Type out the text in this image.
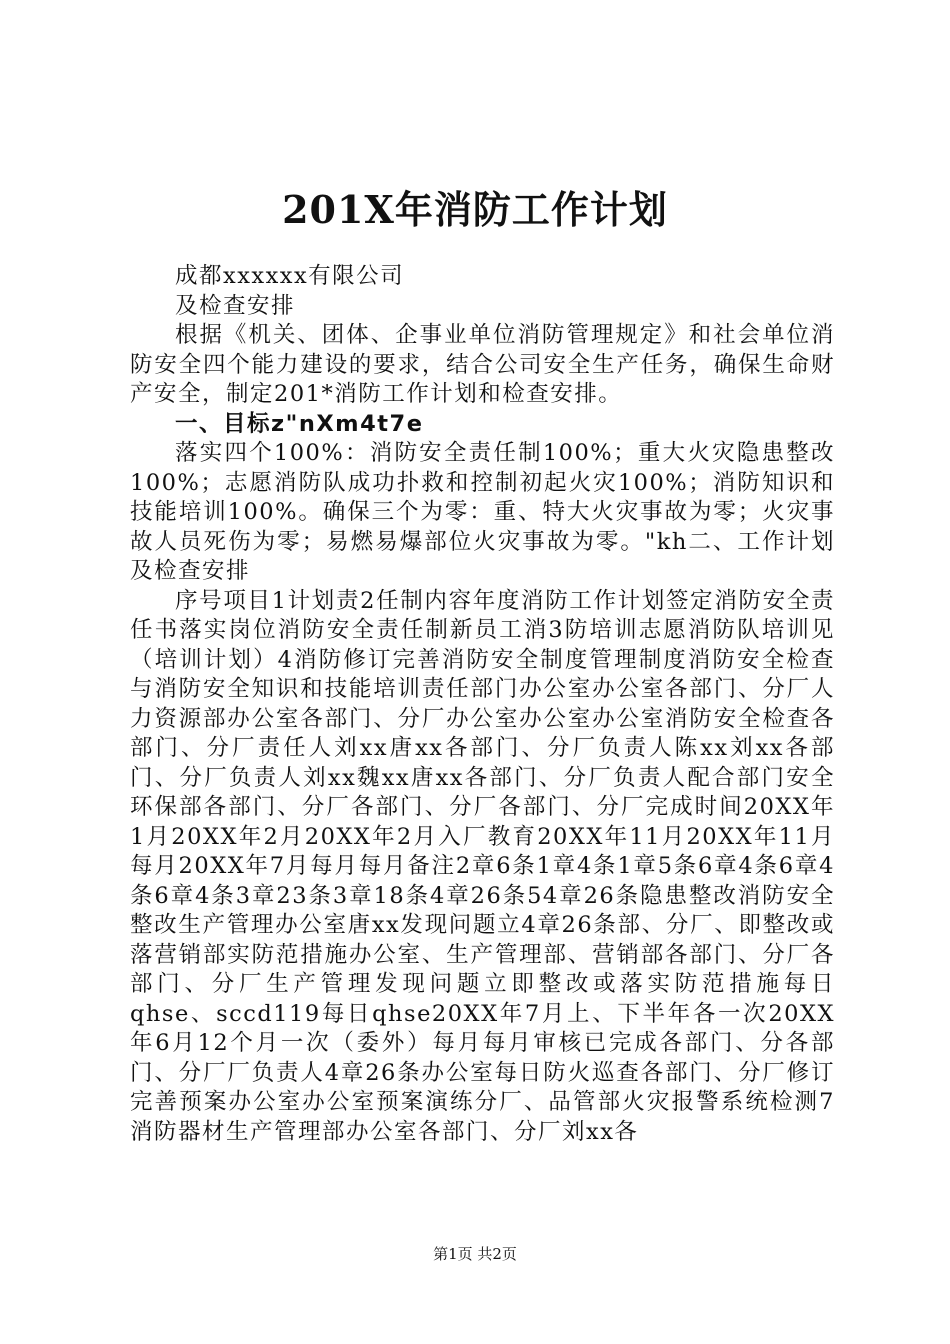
201X年消防工作计划

成都xxxxxx有限公司

及检查安排

根据《机关、团体、企事业单位消防管理规定》和社会单位消防安全四个能力建设的要求，结合公司安全生产任务，确保生命财产安全，制定201*消防工作计划和检查安排。

一、目标z"nXm4t7e

落实四个100%：消防安全责任制100%；重大火灾隐患整改100%；志愿消防队成功扑救和控制初起火灾100%；消防知识和技能培训100%。确保三个为零：重、特大火灾事故为零；火灾事故人员死伤为零；易燃易爆部位火灾事故为零。"kh二、工作计划及检查安排

序号项目1计划责2任制内容年度消防工作计划签定消防安全责任书落实岗位消防安全责任制新员工消3防培训志愿消防队培训见（培训计划）4消防修订完善消防安全制度管理制度消防安全检查与消防安全知识和技能培训责任部门办公室办公室各部门、分厂人力资源部办公室各部门、分厂办公室办公室办公室消防安全检查各部门、分厂责任人刘xx唐xx各部门、分厂负责人陈xx刘xx各部门、分厂负责人刘xx魏xx唐xx各部门、分厂负责人配合部门安全环保部各部门、分厂各部门、分厂各部门、分厂完成时间20XX年1月20XX年2月20XX年2月入厂教育20XX年11月20XX年11月每月20XX年7月每月每月备注2章6条1章4条1章5条6章4条6章4条6章4条3章23条3章18条4章26条54章26条隐患整改消防安全整改生产管理办公室唐xx发现问题立4章26条部、分厂、即整改或落营销部实防范措施办公室、生产管理部、营销部各部门、分厂各部门、分厂生产管理发现问题立即整改或落实防范措施每日qhse、sccd119每日qhse20XX年7月上、下半年各一次20XX年6月12个月一次（委外）每月每月审核已完成各部门、分各部门、分厂厂负责人4章26条办公室每日防火巡查各部门、分厂修订完善预案办公室办公室预案演练分厂、品管部火灾报警系统检测7消防器材生产管理部办公室各部门、分厂刘xx各

第1页 共2页
